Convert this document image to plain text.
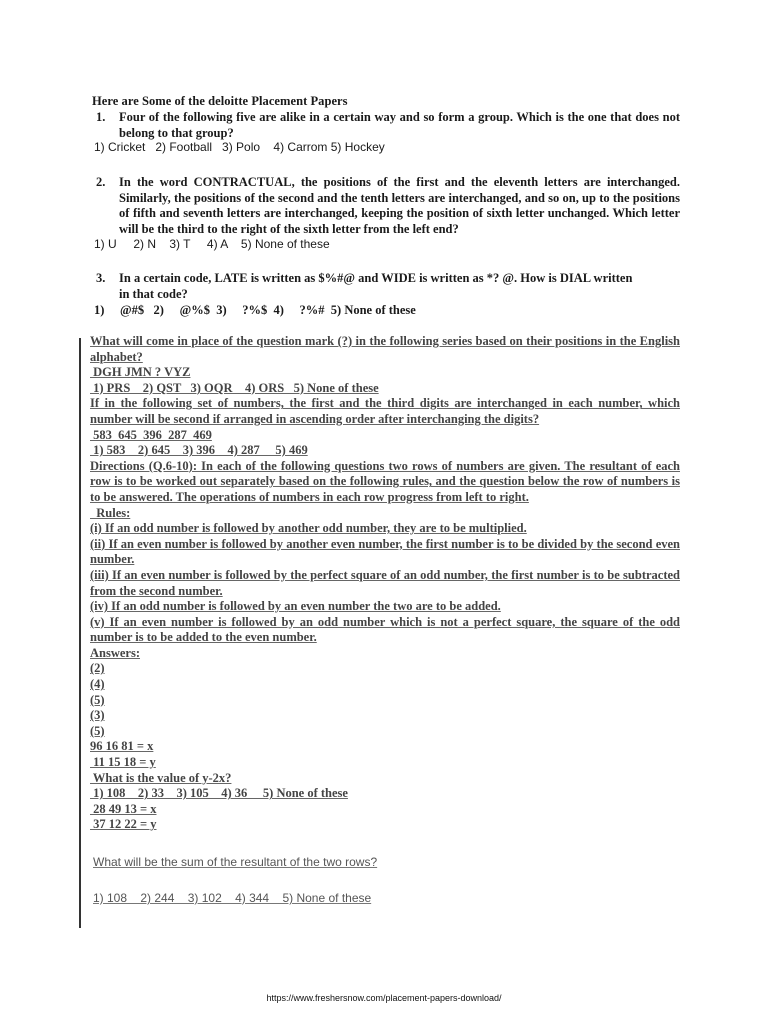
Here are Some of the deloitte Placement Papers
1.	Four of the following five are alike in a certain way and so form a group. Which is the one that does not belong to that group?
1) Cricket   2) Football   3) Polo    4) Carrom 5) Hockey
2.	In the word CONTRACTUAL, the positions of the first and the eleventh letters are interchanged. Similarly, the positions of the second and the tenth letters are interchanged, and so on, up to the positions of fifth and seventh letters are interchanged, keeping the position of sixth letter unchanged. Which letter will be the third to the right of the sixth letter from the left end?
1) U     2) N    3) T     4) A    5) None of these
3.	In a certain code, LATE is written as $%#@ and WIDE is written as *? @. How is DIAL written
in that code?
1)     @#$   2)     @%$  3)     ?%$  4)     ?%#  5) None of these
What will come in place of the question mark (?) in the following series based on their positions in the English alphabet?
DGH JMN ? VYZ
1) PRS    2) QST   3) OQR    4) ORS   5) None of these
If in the following set of numbers, the first and the third digits are interchanged in each number, which number will be second if arranged in ascending order after interchanging the digits?
583  645  396  287  469
1) 583    2) 645    3) 396    4) 287     5) 469
Directions (Q.6-10): In each of the following questions two rows of numbers are given. The resultant of each row is to be worked out separately based on the following rules, and the question below the row of numbers is to be answered. The operations of numbers in each row progress from left to right.
Rules:
(i) If an odd number is followed by another odd number, they are to be multiplied.
(ii) If an even number is followed by another even number, the first number is to be divided by the second even number.
(iii) If an even number is followed by the perfect square of an odd number, the first number is to be subtracted from the second number.
(iv) If an odd number is followed by an even number the two are to be added.
(v) If an even number is followed by an odd number which is not a perfect square, the square of the odd number is to be added to the even number.
Answers:
(2)
(4)
(5)
(3)
(5)
96 16 81 = x
11 15 18 = y
What is the value of y-2x?
1) 108    2) 33    3) 105    4) 36     5) None of these
28 49 13 = x
37 12 22 = y
What will be the sum of the resultant of the two rows?
1) 108    2) 244    3) 102    4) 344    5) None of these
https://www.freshersnow.com/placement-papers-download/
